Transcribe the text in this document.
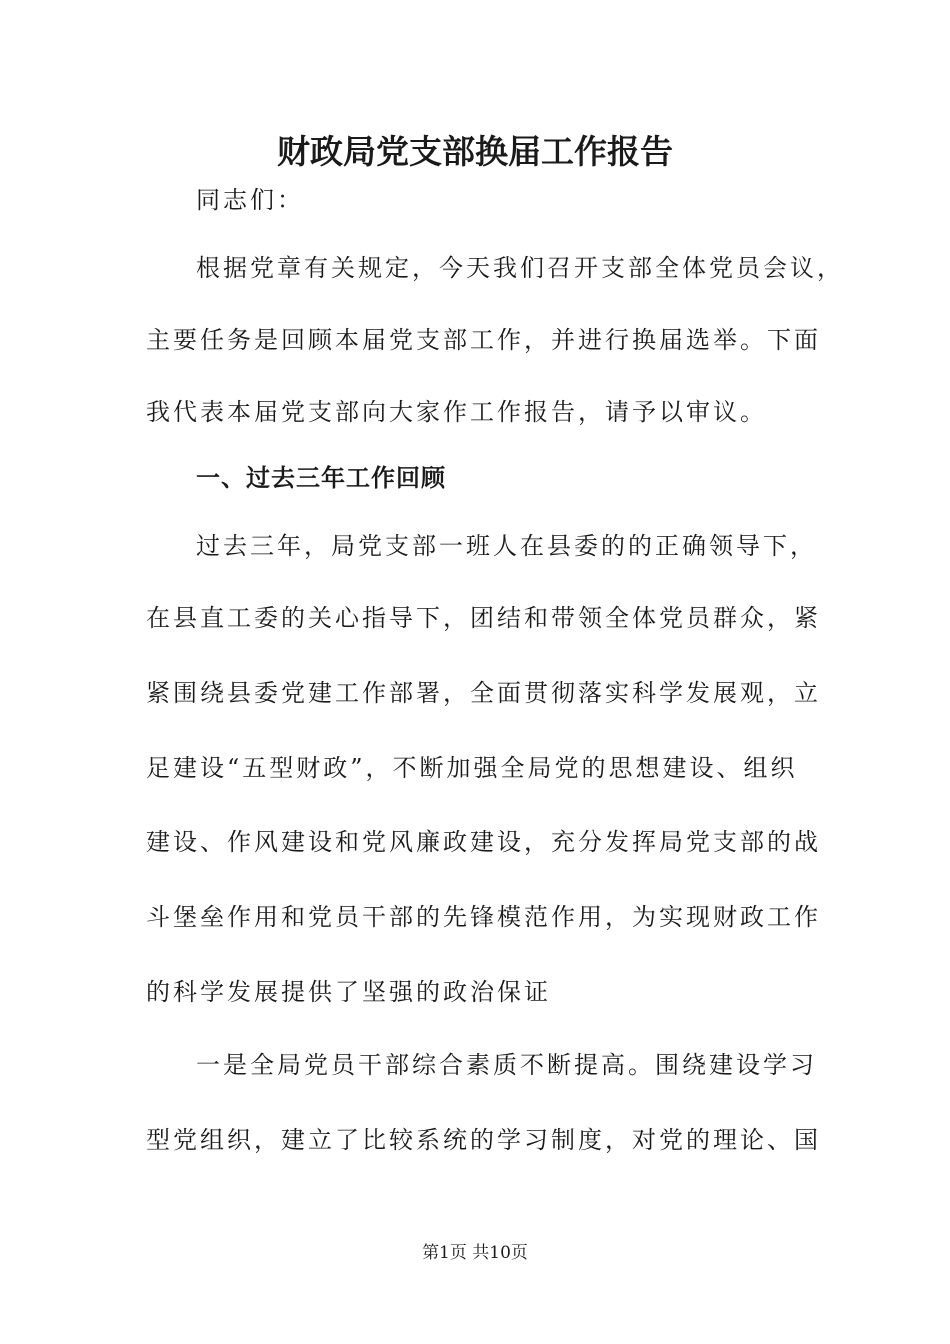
财政局党支部换届工作报告
同志们：
根据党章有关规定，今天我们召开支部全体党员会议，
主要任务是回顾本届党支部工作，并进行换届选举。下面
我代表本届党支部向大家作工作报告，请予以审议。
一、过去三年工作回顾
过去三年，局党支部一班人在县委的的正确领导下，
在县直工委的关心指导下，团结和带领全体党员群众，紧
紧围绕县委党建工作部署，全面贯彻落实科学发展观，立
足建设“五型财政”，不断加强全局党的思想建设、组织
建设、作风建设和党风廉政建设，充分发挥局党支部的战
斗堡垒作用和党员干部的先锋模范作用，为实现财政工作
的科学发展提供了坚强的政治保证
一是全局党员干部综合素质不断提高。围绕建设学习
型党组织，建立了比较系统的学习制度，对党的理论、国
第1页 共10页
